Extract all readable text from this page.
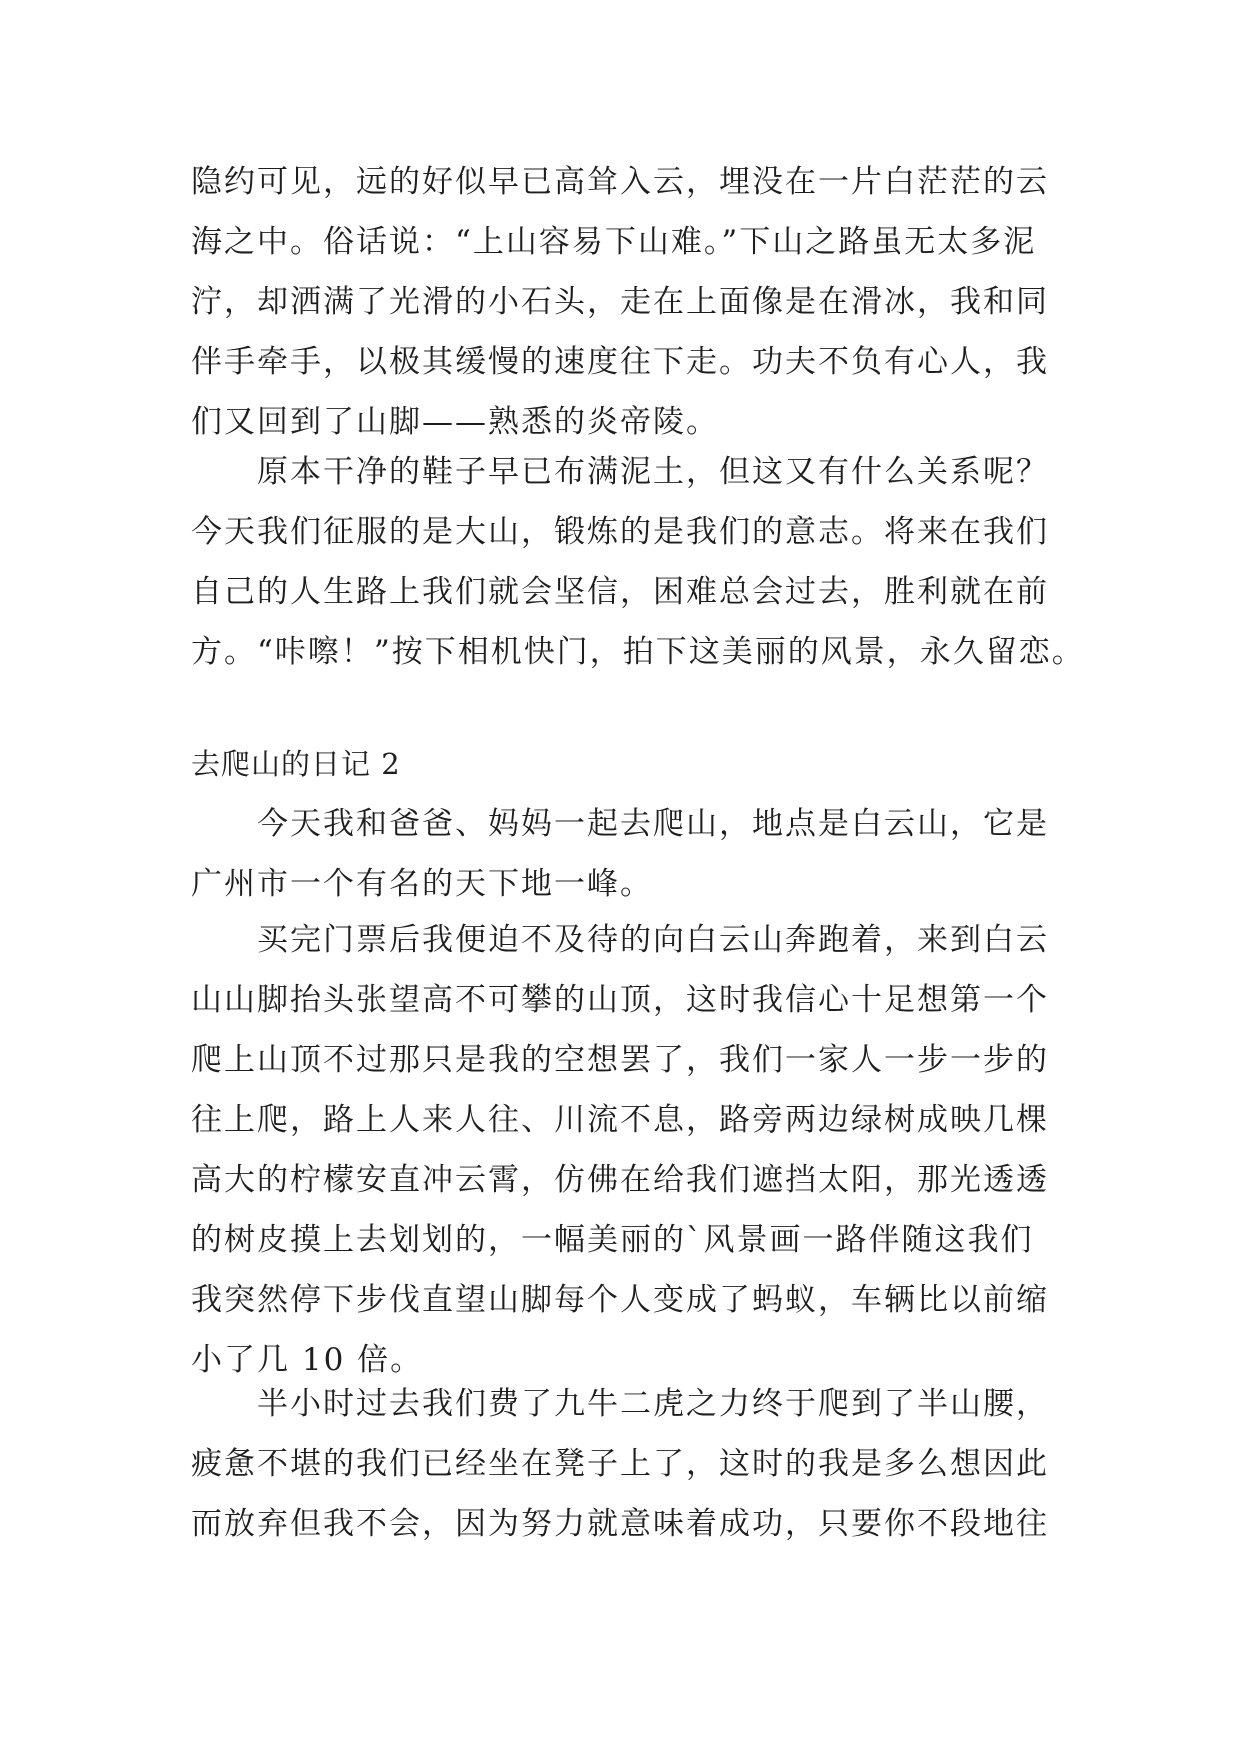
隐约可见，远的好似早已高耸入云，埋没在一片白茫茫的云
海之中。俗话说：“上山容易下山难。”下山之路虽无太多泥
泞，却洒满了光滑的小石头，走在上面像是在滑冰，我和同
伴手牵手，以极其缓慢的速度往下走。功夫不负有心人，我
们又回到了山脚——熟悉的炎帝陵。
原本干净的鞋子早已布满泥土，但这又有什么关系呢？
今天我们征服的是大山，锻炼的是我们的意志。将来在我们
自己的人生路上我们就会坚信，困难总会过去，胜利就在前
方。“咔嚓！”按下相机快门，拍下这美丽的风景，永久留恋。
去爬山的日记 2
今天我和爸爸、妈妈一起去爬山，地点是白云山，它是
广州市一个有名的天下地一峰。
买完门票后我便迫不及待的向白云山奔跑着，来到白云
山山脚抬头张望高不可攀的山顶，这时我信心十足想第一个
爬上山顶不过那只是我的空想罢了，我们一家人一步一步的
往上爬，路上人来人往、川流不息，路旁两边绿树成映几棵
高大的柠檬安直冲云霄，仿佛在给我们遮挡太阳，那光透透
的树皮摸上去划划的，一幅美丽的`风景画一路伴随这我们
我突然停下步伐直望山脚每个人变成了蚂蚁，车辆比以前缩
小了几 10 倍。
半小时过去我们费了九牛二虎之力终于爬到了半山腰，
疲惫不堪的我们已经坐在凳子上了，这时的我是多么想因此
而放弃但我不会，因为努力就意味着成功，只要你不段地往
